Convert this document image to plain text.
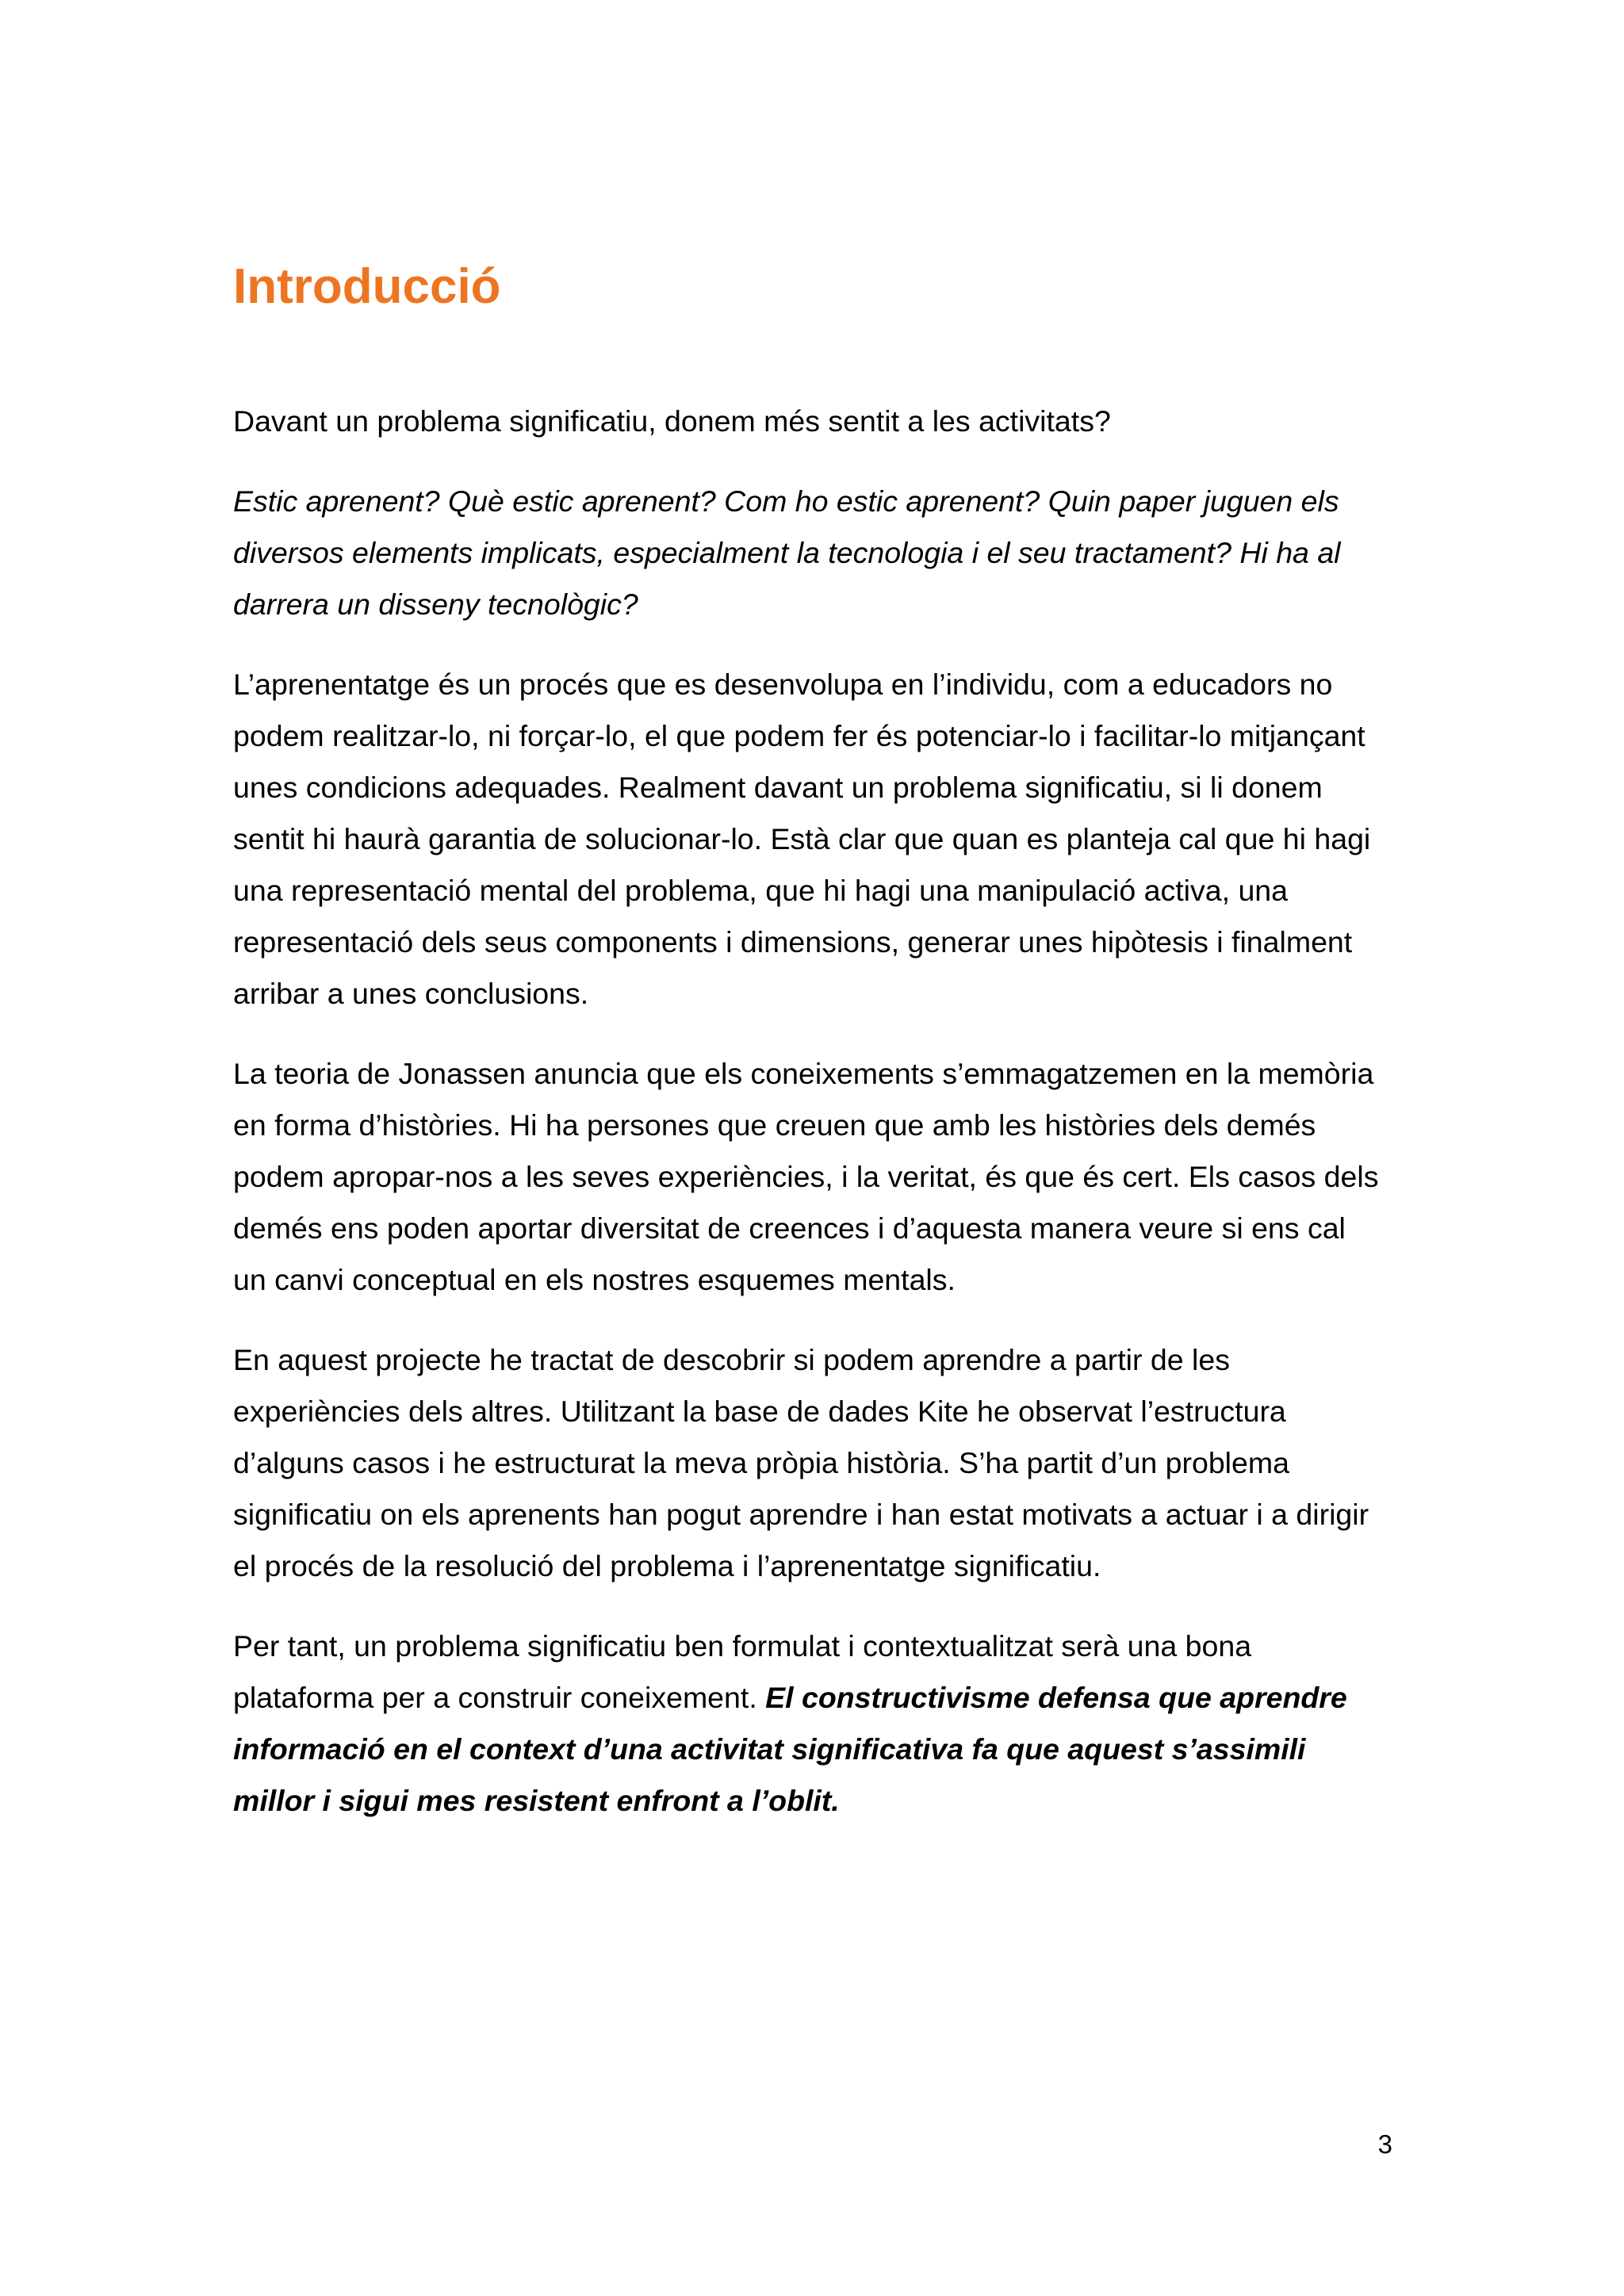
Introducció

Davant un problema significatiu, donem més sentit a les activitats?

Estic aprenent? Què estic aprenent? Com ho estic aprenent? Quin paper juguen els
diversos elements implicats, especialment la tecnologia i el seu tractament? Hi ha al
darrera un disseny tecnològic?

L’aprenentatge és un procés que es desenvolupa en l’individu, com a educadors no
podem realitzar-lo, ni forçar-lo, el que podem fer és potenciar-lo i facilitar-lo mitjançant
unes condicions adequades. Realment davant un problema significatiu, si li donem
sentit hi haurà garantia de solucionar-lo. Està clar que quan es planteja cal que hi hagi
una representació mental del problema, que hi hagi una manipulació activa, una
representació dels seus components i dimensions, generar unes hipòtesis i finalment
arribar a unes conclusions.

La teoria de Jonassen anuncia que els coneixements s’emmagatzemen en la memòria
en forma d’històries. Hi ha persones que creuen que amb les històries dels demés
podem apropar-nos a les seves experiències, i la veritat, és que és cert. Els casos dels
demés ens poden aportar diversitat de creences i d’aquesta manera veure si ens cal
un canvi conceptual en els nostres esquemes mentals.

En aquest projecte he tractat de descobrir si podem aprendre a partir de les
experiències dels altres. Utilitzant la base de dades Kite he observat l’estructura
d’alguns casos i he estructurat la meva pròpia història. S’ha partit d’un problema
significatiu on els aprenents han pogut aprendre i han estat motivats a actuar i a dirigir
el procés de la resolució del problema i l’aprenentatge significatiu.

Per tant, un problema significatiu ben formulat i contextualitzat serà una bona
plataforma per a construir coneixement. El constructivisme defensa que aprendre
informació en el context d’una activitat significativa fa que aquest s’assimili
millor i sigui mes resistent enfront a l’oblit.

3
